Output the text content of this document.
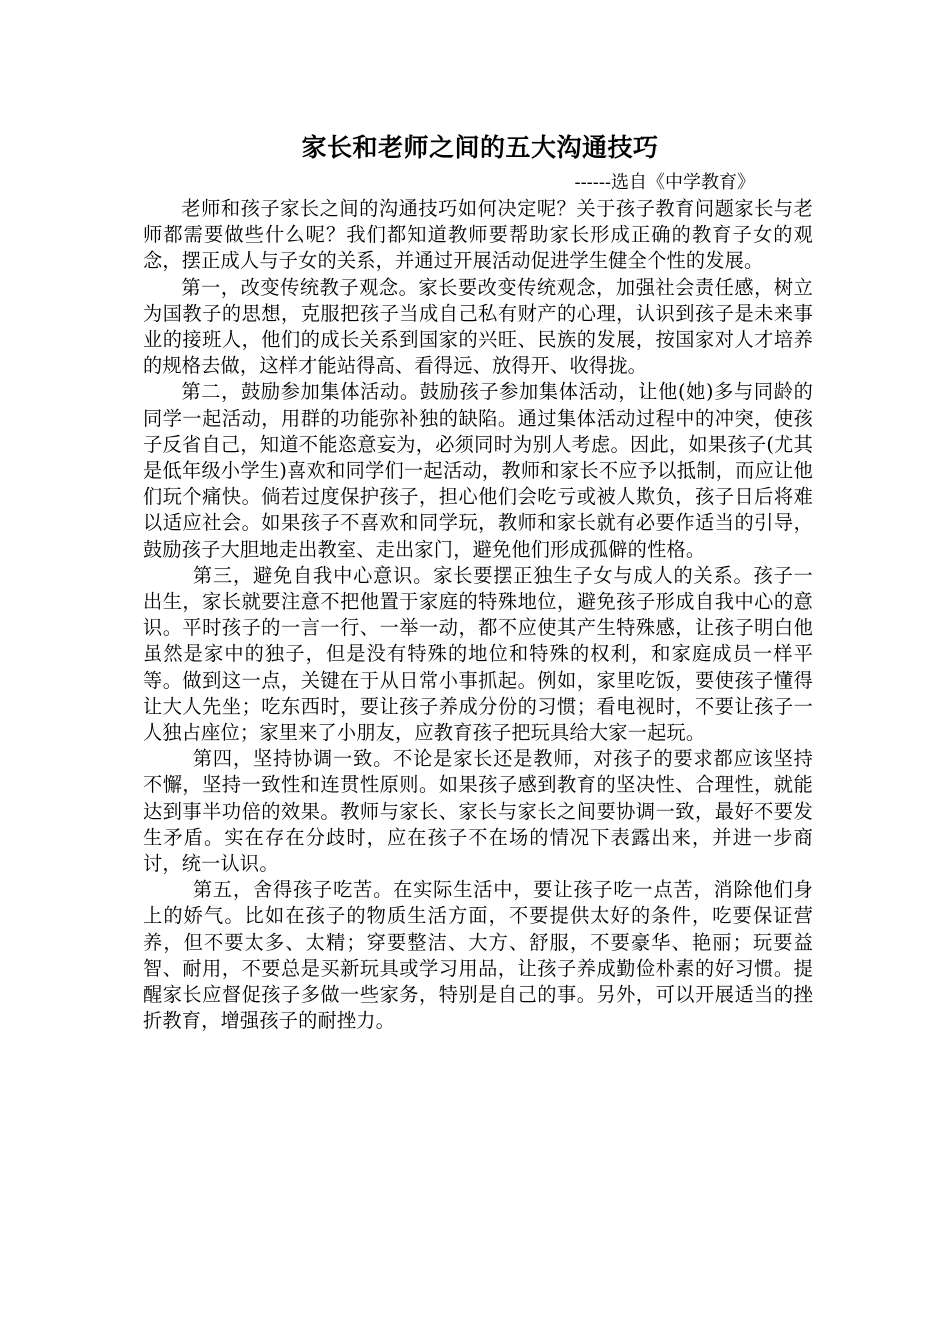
家长和老师之间的五大沟通技巧
------选自《中学教育》

老师和孩子家长之间的沟通技巧如何决定呢？关于孩子教育问题家长与老师都需要做些什么呢？我们都知道教师要帮助家长形成正确的教育子女的观念，摆正成人与子女的关系，并通过开展活动促进学生健全个性的发展。

第一，改变传统教子观念。家长要改变传统观念，加强社会责任感，树立为国教子的思想，克服把孩子当成自己私有财产的心理，认识到孩子是未来事业的接班人，他们的成长关系到国家的兴旺、民族的发展，按国家对人才培养的规格去做，这样才能站得高、看得远、放得开、收得拢。

第二，鼓励参加集体活动。鼓励孩子参加集体活动，让他(她)多与同龄的同学一起活动，用群的功能弥补独的缺陷。通过集体活动过程中的冲突，使孩子反省自己，知道不能恣意妄为，必须同时为别人考虑。因此，如果孩子(尤其是低年级小学生)喜欢和同学们一起活动，教师和家长不应予以抵制，而应让他们玩个痛快。倘若过度保护孩子，担心他们会吃亏或被人欺负，孩子日后将难以适应社会。如果孩子不喜欢和同学玩，教师和家长就有必要作适当的引导，鼓励孩子大胆地走出教室、走出家门，避免他们形成孤僻的性格。

第三，避免自我中心意识。家长要摆正独生子女与成人的关系。孩子一出生，家长就要注意不把他置于家庭的特殊地位，避免孩子形成自我中心的意识。平时孩子的一言一行、一举一动，都不应使其产生特殊感，让孩子明白他虽然是家中的独子，但是没有特殊的地位和特殊的权利，和家庭成员一样平等。做到这一点，关键在于从日常小事抓起。例如，家里吃饭，要使孩子懂得让大人先坐；吃东西时，要让孩子养成分份的习惯；看电视时，不要让孩子一人独占座位；家里来了小朋友，应教育孩子把玩具给大家一起玩。

第四，坚持协调一致。不论是家长还是教师，对孩子的要求都应该坚持不懈，坚持一致性和连贯性原则。如果孩子感到教育的坚决性、合理性，就能达到事半功倍的效果。教师与家长、家长与家长之间要协调一致，最好不要发生矛盾。实在存在分歧时，应在孩子不在场的情况下表露出来，并进一步商讨，统一认识。

第五，舍得孩子吃苦。在实际生活中，要让孩子吃一点苦，消除他们身上的娇气。比如在孩子的物质生活方面，不要提供太好的条件，吃要保证营养，但不要太多、太精；穿要整洁、大方、舒服，不要豪华、艳丽；玩要益智、耐用，不要总是买新玩具或学习用品，让孩子养成勤俭朴素的好习惯。提醒家长应督促孩子多做一些家务，特别是自己的事。另外，可以开展适当的挫折教育，增强孩子的耐挫力。
